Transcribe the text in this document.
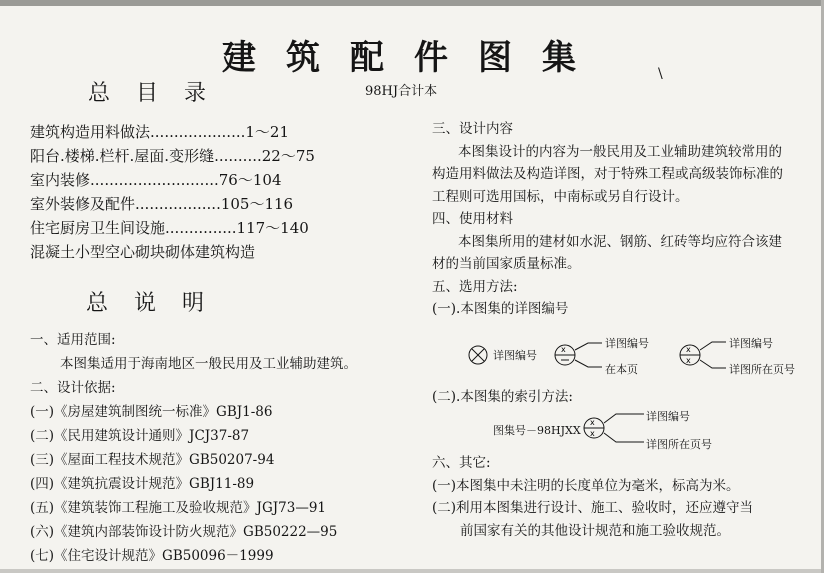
建筑配件图集
总目录	98HJ合计本
\
建筑构造用料做法....................1～21
阳台.楼梯.栏杆.屋面.变形缝..........22～75
室内装修...........................76～104
室外装修及配件..................105～116
住宅厨房卫生间设施...............117～140
混凝土小型空心砌块砌体建筑构造
总说明
一、适用范围:
本图集适用于海南地区一般民用及工业辅助建筑。
二、设计依据:
(一)《房屋建筑制图统一标准》GBJ1-86
(二)《民用建筑设计通则》JCJ37-87
(三)《屋面工程技术规范》GB50207-94
(四)《建筑抗震设计规范》GBJ11-89
(五)《建筑装饰工程施工及验收规范》JGJ73—91
(六)《建筑内部装饰设计防火规范》GB50222—95
(七)《住宅设计规范》GB50096－1999
三、设计内容
本图集设计的内容为一般民用及工业辅助建筑较常用的
构造用料做法及构造详图，对于特殊工程或高级装饰标准的
工程则可选用国标，中南标或另自行设计。
四、使用材料
本图集所用的建材如水泥、钢筋、红砖等均应符合该建
材的当前国家质量标准。
五、选用方法:
(一).本图集的详图编号
x	x
x
详图编号
详图编号
在本页
详图编号
详图所在页号
(二).本图集的索引方法:
x
x
图集号－98HJXX
详图编号
详图所在页号
六、其它:
(一)本图集中未注明的长度单位为毫米，标高为米。
(二)利用本图集进行设计、施工、验收时，还应遵守当
前国家有关的其他设计规范和施工验收规范。
